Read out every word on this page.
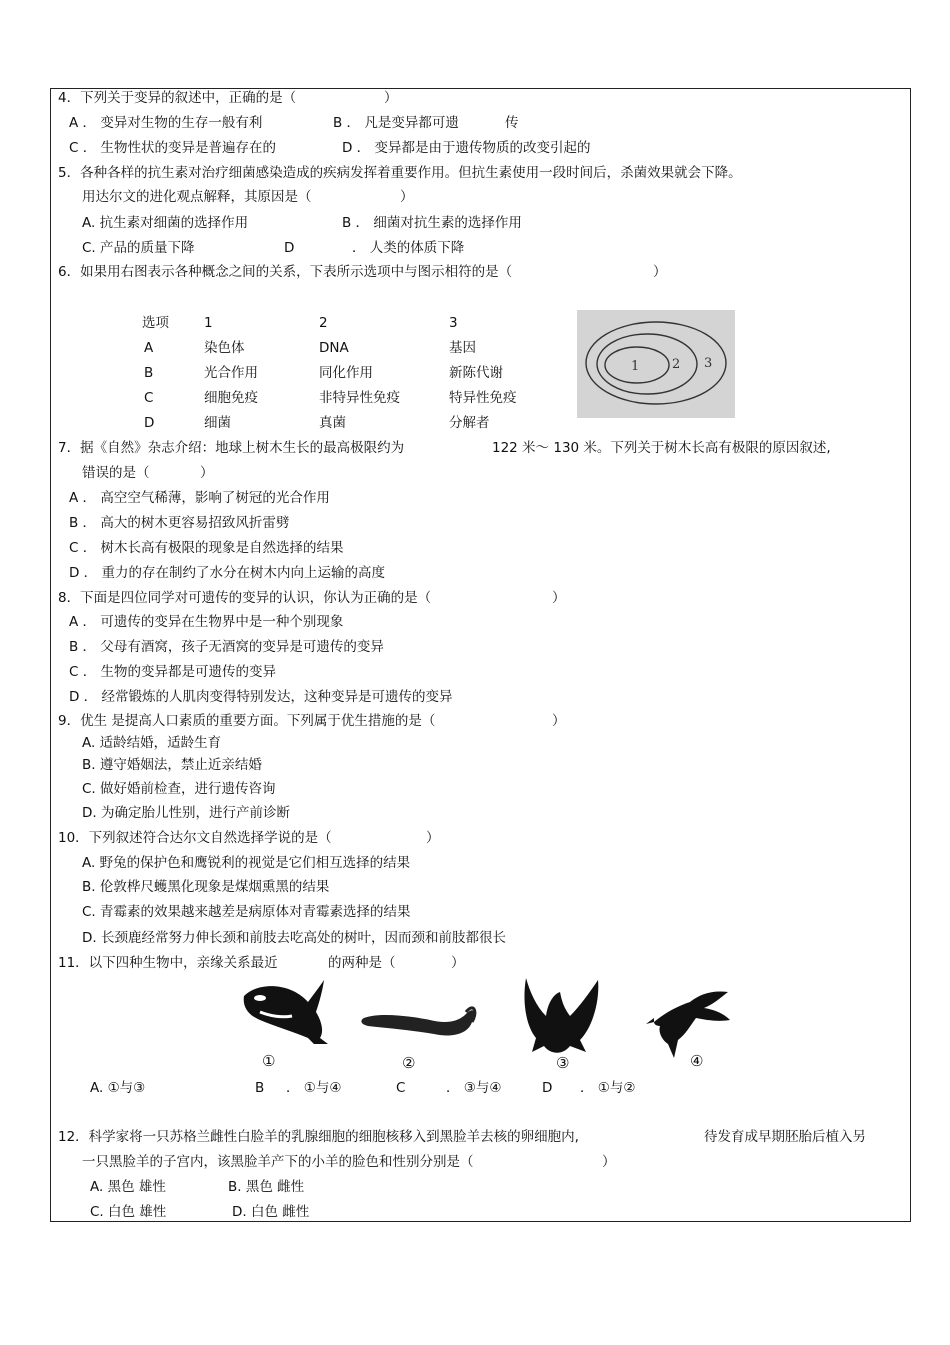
4．下列关于变异的叙述中，正确的是（	）
A ． 变异对生物的生存一般有利	B ． 凡是变异都可遗	传
C ． 生物性状的变异是普遍存在的	D ． 变异都是由于遗传物质的改变引起的
5．各种各样的抗生素对治疗细菌感染造成的疾病发挥着重要作用。但抗生素使用一段时间后，杀菌效果就会下降。
用达尔文的进化观点解释，其原因是（	）
A. 抗生素对细菌的选择作用	B ． 细菌对抗生素的选择作用
C. 产品的质量下降	D	． 人类的体质下降
6．如果用右图表示各种概念之间的关系，下表所示选项中与图示相符的是（	）
选项	1	2	3
A	染色体	DNA	基因
B	光合作用	同化作用	新陈代谢
C	细胞免疫	非特异性免疫	特异性免疫
D	细菌	真菌	分解者
1	2 3
7．据《自然》杂志介绍：地球上树木生长的最高极限约为	122 米～ 130 米。下列关于树木长高有极限的原因叙述,
错误的是（	）
A ． 高空空气稀薄，影响了树冠的光合作用
B ． 高大的树木更容易招致风折雷劈
C ． 树木长高有极限的现象是自然选择的结果
D ． 重力的存在制约了水分在树木内向上运输的高度
8．下面是四位同学对可遗传的变异的认识，你认为正确的是（	）
A ． 可遗传的变异在生物界中是一种个别现象
B ． 父母有酒窝，孩子无酒窝的变异是可遗传的变异
C ． 生物的变异都是可遗传的变异
D ． 经常锻炼的人肌肉变得特别发达，这种变异是可遗传的变异
9．优生 是提高人口素质的重要方面。下列属于优生措施的是（	）
A. 适龄结婚，适龄生育
B. 遵守婚姻法，禁止近亲结婚
C. 做好婚前检查，进行遗传咨询
D. 为确定胎儿性别，进行产前诊断
10．下列叙述符合达尔文自然选择学说的是（	）
A. 野兔的保护色和鹰锐利的视觉是它们相互选择的结果
B. 伦敦桦尺蠖黑化现象是煤烟熏黑的结果
C. 青霉素的效果越来越差是病原体对青霉素选择的结果
D. 长颈鹿经常努力伸长颈和前肢去吃高处的树叶，因而颈和前肢都很长
11．以下四种生物中，亲缘关系最近	的两种是（	）
①	②	③	④
A. ①与③	B ． ①与④	C	． ③与④	D ． ①与②
12．科学家将一只苏格兰雌性白脸羊的乳腺细胞的细胞核移入到黑脸羊去核的卵细胞内,	待发育成早期胚胎后植入另
一只黑脸羊的子宫内，该黑脸羊产下的小羊的脸色和性别分别是（	）
A. 黑色 雄性	B. 黑色 雌性
C. 白色 雄性	D. 白色 雌性
